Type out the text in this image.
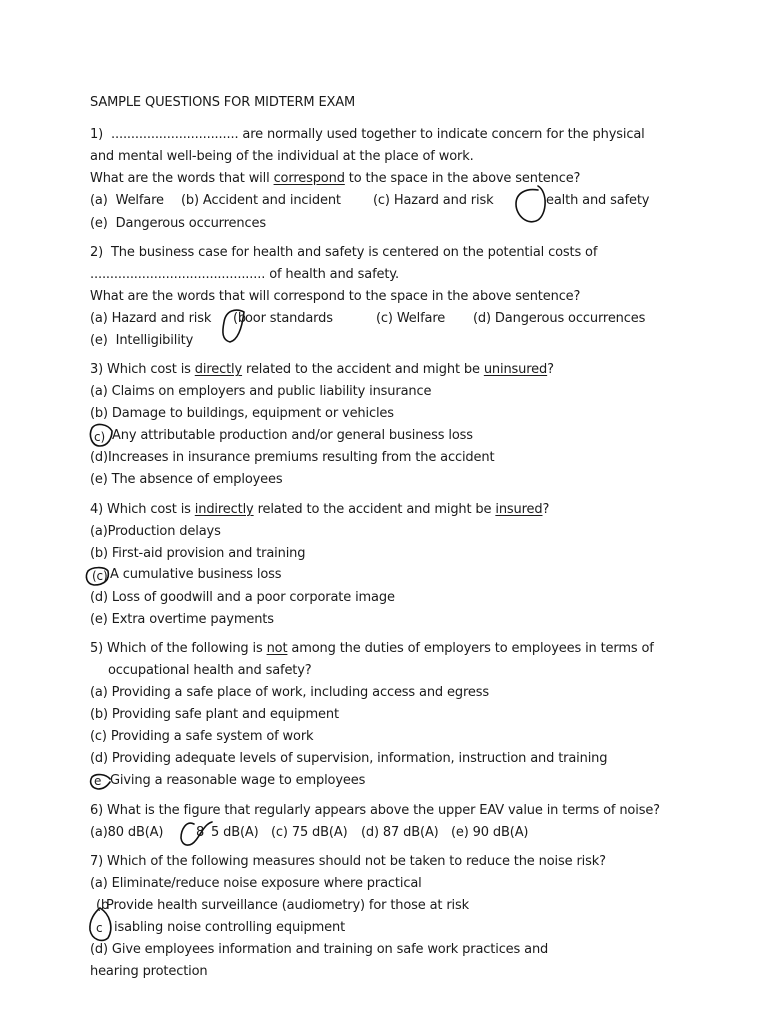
SAMPLE QUESTIONS FOR MIDTERM EXAM
1)  ................................ are normally used together to indicate concern for the physical
and mental well-being of the individual at the place of work.
What are the words that will correspond to the space in the above sentence?
(a)  Welfare (b) Accident and incident (c) Hazard and risk	ealth and safety
(e)  Dangerous occurrences
2)  The business case for health and safety is centered on the potential costs of
............................................ of health and safety.
What are the words that will correspond to the space in the above sentence?
(a) Hazard and risk	oor standards	(c) Welfare (d) Dangerous occurrences
(e)  Intelligibility
3) Which cost is directly related to the accident and might be uninsured?
(a) Claims on employers and public liability insurance
(b) Damage to buildings, equipment or vehicles
Any attributable production and/or general business loss
(d)Increases in insurance premiums resulting from the accident
(e) The absence of employees
4) Which cost is indirectly related to the accident and might be insured?
(a)Production delays
(b) First-aid provision and training
A cumulative business loss
(d) Loss of goodwill and a poor corporate image
(e) Extra overtime payments
5) Which of the following is not among the duties of employers to employees in terms of
occupational health and safety?
(a) Providing a safe place of work, including access and egress
(b) Providing safe plant and equipment
(c) Providing a safe system of work
(d) Providing adequate levels of supervision, information, instruction and training
Giving a reasonable wage to employees
6) What is the figure that regularly appears above the upper EAV value in terms of noise?
(a)80 dB(A)	5 dB(A) (c) 75 dB(A) (d) 87 dB(A) (e) 90 dB(A)
7) Which of the following measures should not be taken to reduce the noise risk?
(a) Eliminate/reduce noise exposure where practical
Provide health surveillance (audiometry) for those at risk
isabling noise controlling equipment
(d) Give employees information and training on safe work practices and
hearing protection
(b
c)
(c)
e
8
(b
c
